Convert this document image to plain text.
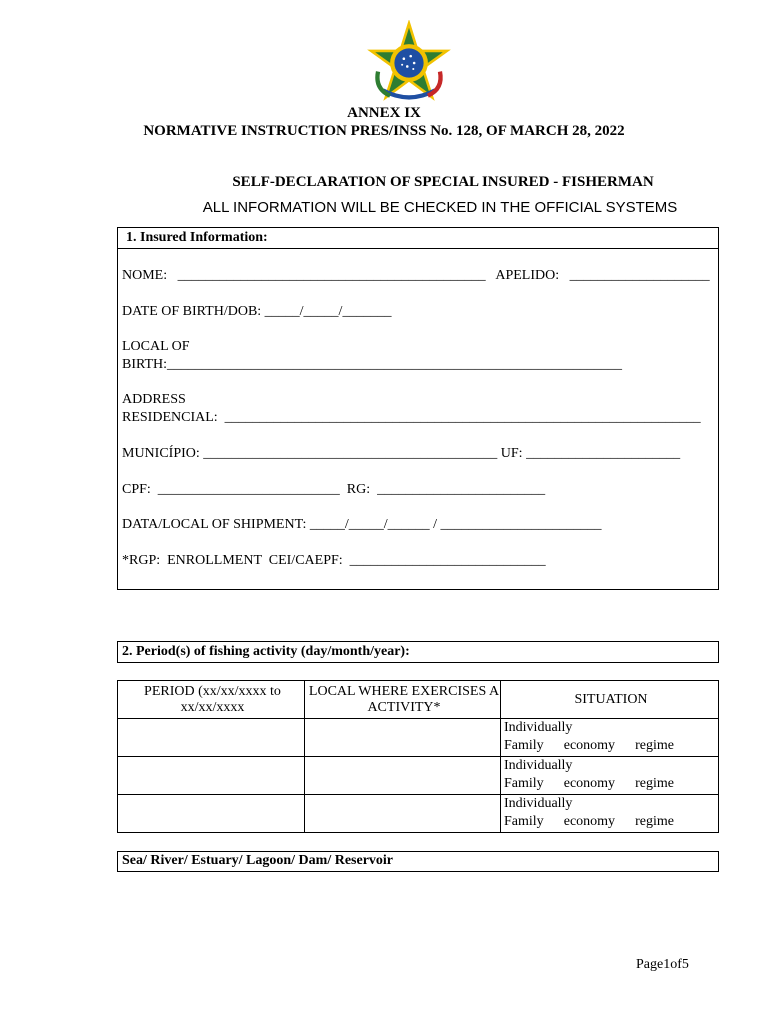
ANNEX IX
NORMATIVE INSTRUCTION PRES/INSS No. 128, OF MARCH 28, 2022
SELF-DECLARATION OF SPECIAL INSURED - FISHERMAN
ALL INFORMATION WILL BE CHECKED IN THE OFFICIAL SYSTEMS
1. Insured Information:
NOME:   ____________________________________________   APELIDO:   ____________________
DATE OF BIRTH/DOB: _____/_____/_______
LOCAL OF
BIRTH:_________________________________________________________________
ADDRESS
RESIDENCIAL:  ____________________________________________________________________
MUNICÍPIO: __________________________________________ UF: ______________________
CPF:  __________________________  RG:  ________________________
DATA/LOCAL OF SHIPMENT: _____/_____/______ / _______________________
*RGP:  ENROLLMENT  CEI/CAEPF:  ____________________________
2. Period(s) of fishing activity (day/month/year):
PERIOD (xx/xx/xxxx to xx/xx/xxxx	LOCAL WHERE EXERCISES A ACTIVITY*	SITUATION

		Individually
Family economy regime

		Individually
Family economy regime

		Individually
Family economy regime
Sea/ River/ Estuary/ Lagoon/ Dam/ Reservoir
Page1of5
